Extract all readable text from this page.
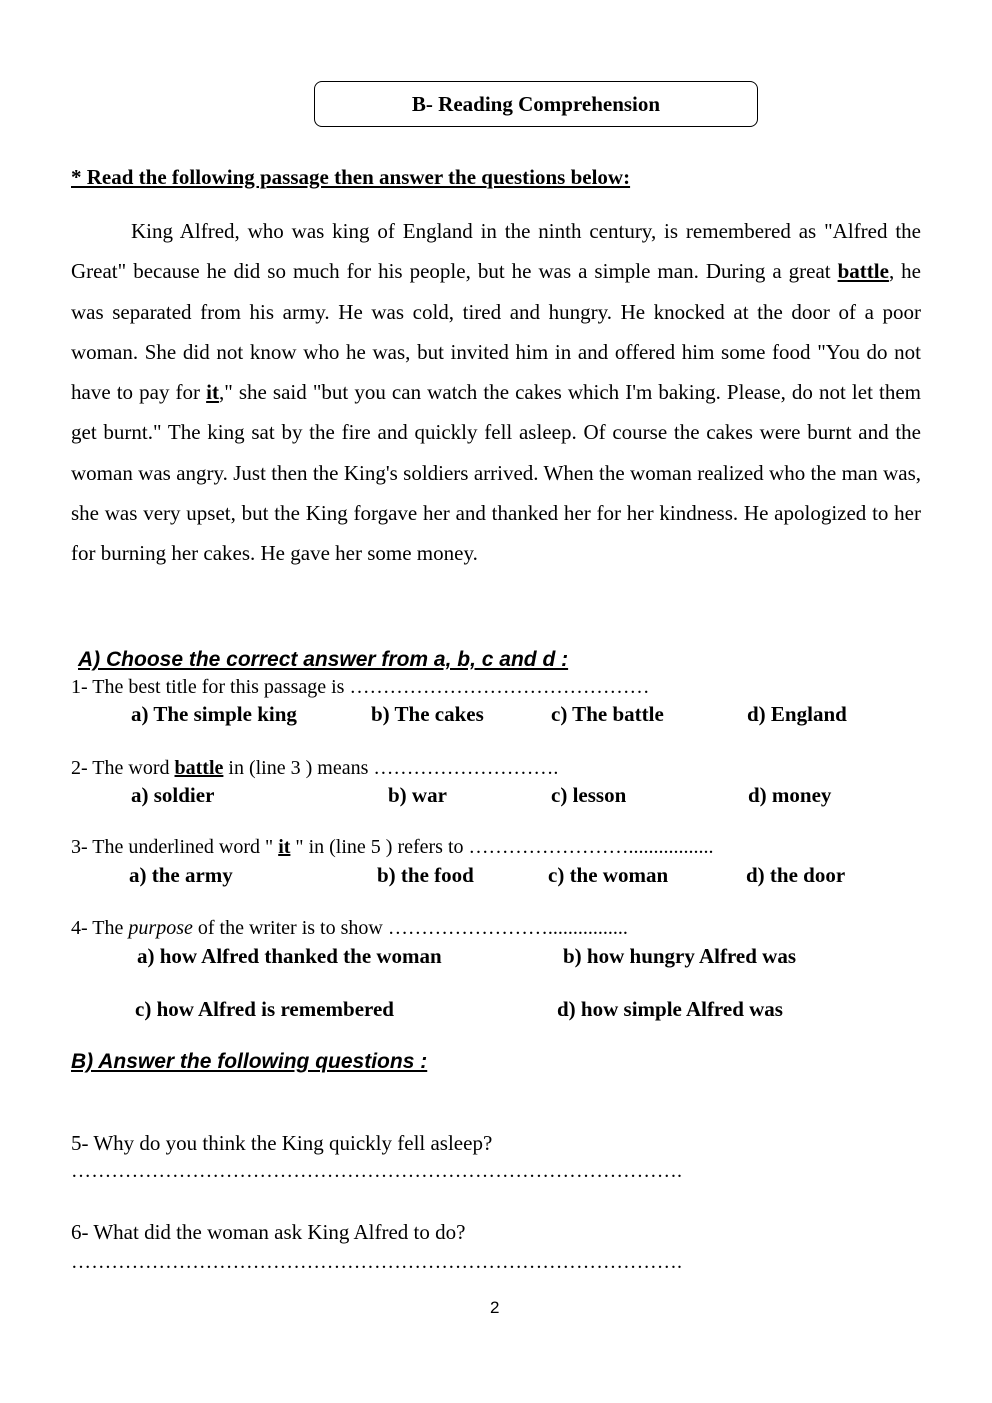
B- Reading Comprehension
* Read the following passage then answer the questions below:

King Alfred, who was king of England in the ninth century, is remembered as "Alfred the Great" because he did so much for his people, but he was a simple man. During a great battle, he was separated from his army. He was cold, tired and hungry. He knocked at the door of a poor woman. She did not know who he was, but invited him in and offered him some food "You do not have to pay for it," she said "but you can watch the cakes which I'm baking. Please, do not let them get burnt." The king sat by the fire and quickly fell asleep. Of course the cakes were burnt and the woman was angry. Just then the King's soldiers arrived. When the woman realized who the man was, she was very upset, but the King forgave her and thanked her for her kindness. He apologized to her for burning her cakes. He gave her some money.

A) Choose the correct answer from a, b, c and d :
1- The best title for this passage is ………………………………………
a) The simple king	b) The cakes	c) The battle	d) England
2- The word battle in (line 3 ) means ……………………….
a) soldier	b) war	c) lesson	d) money
3- The underlined word " it " in (line 5 ) refers to …………………….................
a) the army	b) the food	c) the woman	d) the door
4- The purpose of the writer is to show ……………………................
a) how Alfred thanked the woman	b) how hungry Alfred was
c) how Alfred is remembered	d) how simple Alfred was
B) Answer the following questions :
5- Why do you think the King quickly fell asleep?
……………………………………………………………………………….
6- What did the woman ask King Alfred to do?
……………………………………………………………………………….
2
